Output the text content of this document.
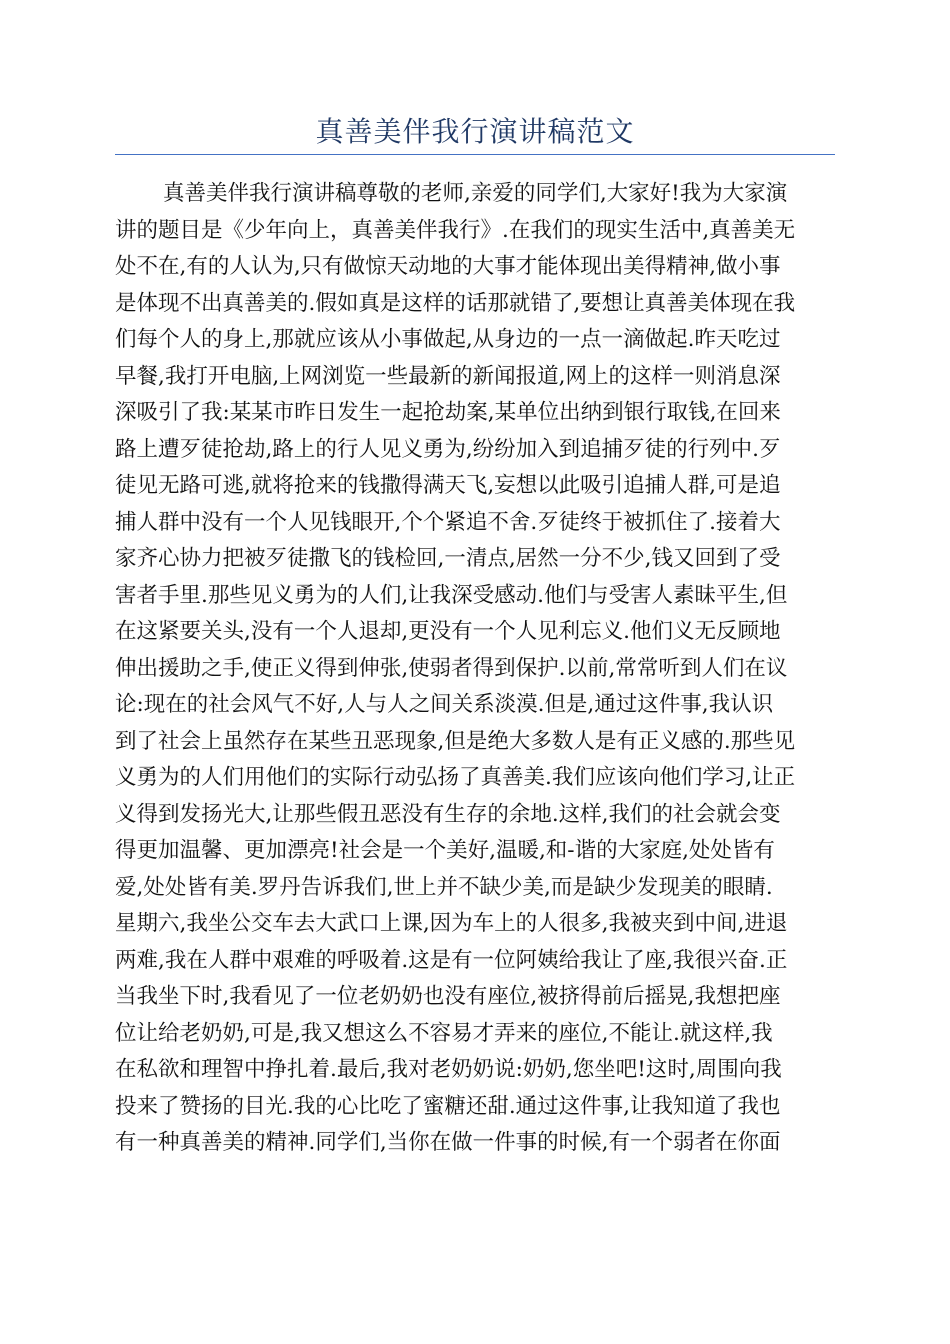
真善美伴我行演讲稿范文
真善美伴我行演讲稿尊敬的老师,亲爱的同学们,大家好!我为大家演
讲的题目是《少年向上，真善美伴我行》.在我们的现实生活中,真善美无
处不在,有的人认为,只有做惊天动地的大事才能体现出美得精神,做小事
是体现不出真善美的.假如真是这样的话那就错了,要想让真善美体现在我
们每个人的身上,那就应该从小事做起,从身边的一点一滴做起.昨天吃过
早餐,我打开电脑,上网浏览一些最新的新闻报道,网上的这样一则消息深
深吸引了我:某某市昨日发生一起抢劫案,某单位出纳到银行取钱,在回来
路上遭歹徒抢劫,路上的行人见义勇为,纷纷加入到追捕歹徒的行列中.歹
徒见无路可逃,就将抢来的钱撒得满天飞,妄想以此吸引追捕人群,可是追
捕人群中没有一个人见钱眼开,个个紧追不舍.歹徒终于被抓住了.接着大
家齐心协力把被歹徒撒飞的钱检回,一清点,居然一分不少,钱又回到了受
害者手里.那些见义勇为的人们,让我深受感动.他们与受害人素昧平生,但
在这紧要关头,没有一个人退却,更没有一个人见利忘义.他们义无反顾地
伸出援助之手,使正义得到伸张,使弱者得到保护.以前,常常听到人们在议
论:现在的社会风气不好,人与人之间关系淡漠.但是,通过这件事,我认识
到了社会上虽然存在某些丑恶现象,但是绝大多数人是有正义感的.那些见
义勇为的人们用他们的实际行动弘扬了真善美.我们应该向他们学习,让正
义得到发扬光大,让那些假丑恶没有生存的余地.这样,我们的社会就会变
得更加温馨、更加漂亮!社会是一个美好,温暖,和-谐的大家庭,处处皆有
爱,处处皆有美.罗丹告诉我们,世上并不缺少美,而是缺少发现美的眼睛.
星期六,我坐公交车去大武口上课,因为车上的人很多,我被夹到中间,进退
两难,我在人群中艰难的呼吸着.这是有一位阿姨给我让了座,我很兴奋.正
当我坐下时,我看见了一位老奶奶也没有座位,被挤得前后摇晃,我想把座
位让给老奶奶,可是,我又想这么不容易才弄来的座位,不能让.就这样,我
在私欲和理智中挣扎着.最后,我对老奶奶说:奶奶,您坐吧!这时,周围向我
投来了赞扬的目光.我的心比吃了蜜糖还甜.通过这件事,让我知道了我也
有一种真善美的精神.同学们,当你在做一件事的时候,有一个弱者在你面
